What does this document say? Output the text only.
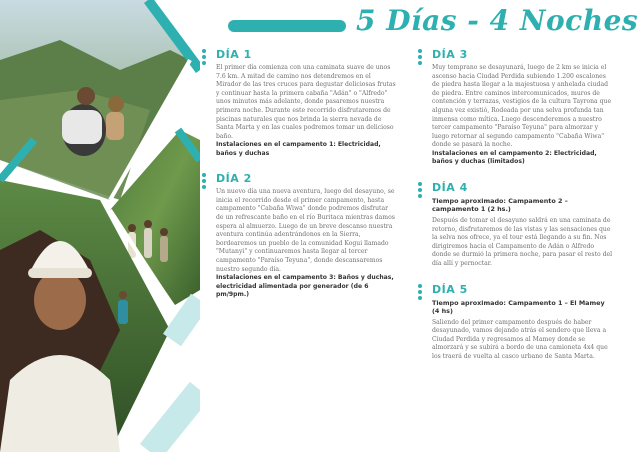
5 Días - 4 Noches
DÍA 1
El primer día comienza con una caminata suave de unos 7.6 km. A mitad de camino nos detendremos en el Mirador de las tres cruces para degustar deliciosas frutas y continuar hasta la primera cabaña "Adán" o "Alfredo" unos minutos más adelante, donde pasaremos nuestra primera noche. Durante este recorrido disfrutaremos de piscinas naturales que nos brinda la sierra nevada de Santa Marta y en las cuales podremos tomar un delicioso baño.
Instalaciones en el campamento 1: Electricidad, baños y duchas
DÍA 2
Un nuevo día una nueva aventura, luego del desayuno, se inicia el recorrido desde el primer campamento, hasta campamento "Cabaña Wiwa" donde podremos disfrutar de un refrescante baño en el río Buritaca mientras damos espera al almuerzo. Luego de un breve descanso nuestra aventura continúa adentrándonos en la Sierra, bordearemos un pueblo de la comunidad Kogui llamado "Mutanyi" y continuaremos hasta llegar al tercer campamento "Paraíso Teyuna", donde descansaremos nuestro segundo día.
Instalaciones en el campamento 3: Baños y duchas, electricidad alimentada por generador (de 6 pm/9pm.)
DÍA 3
Muy temprano se desayunará, luego de 2 km se inicia el ascenso hacia Ciudad Perdida subiendo 1.200 escalones de piedra hasta llegar a la majestuosa y anhelada ciudad de piedra. Entre caminos intercomunicados, muros de contención y terrazas, vestigios de la cultura Tayrona que alguna vez existió, Rodeada por una selva profunda tan inmensa como mítica. Luego descenderemos a nuestro tercer campamento "Paraíso Teyuna" para almorzar y luego retornar al segundo campamento "Cabaña Wiwa" donde se pasará la noche.
Instalaciones en el campamento 2: Electricidad, baños y duchas (limitados)
DÍA 4
Tiempo aproximado: Campamento 2 – campamento 1 (2 hs.)
Después de tomar el desayuno saldrá en una caminata de retorno, disfrutaremos de las vistas y las sensaciones que la selva nos ofrece, ya el tour está llegando a su fin. Nos dirigiremos hacia el Campamento de Adán o Alfredo donde se durmió la primera noche, para pasar el resto del día allí y pernoctar.
DÍA 5
Tiempo aproximado: Campamento 1 – El Mamey (4 hs)
Saliendo del primer campamento después de haber desayunado, vamos dejando atrás el sendero que lleva a Ciudad Perdida y regresamos al Mamey donde se almorzará y se subirá a bordo de una camioneta 4x4 que los traerá de vuelta al casco urbano de Santa Marta.
